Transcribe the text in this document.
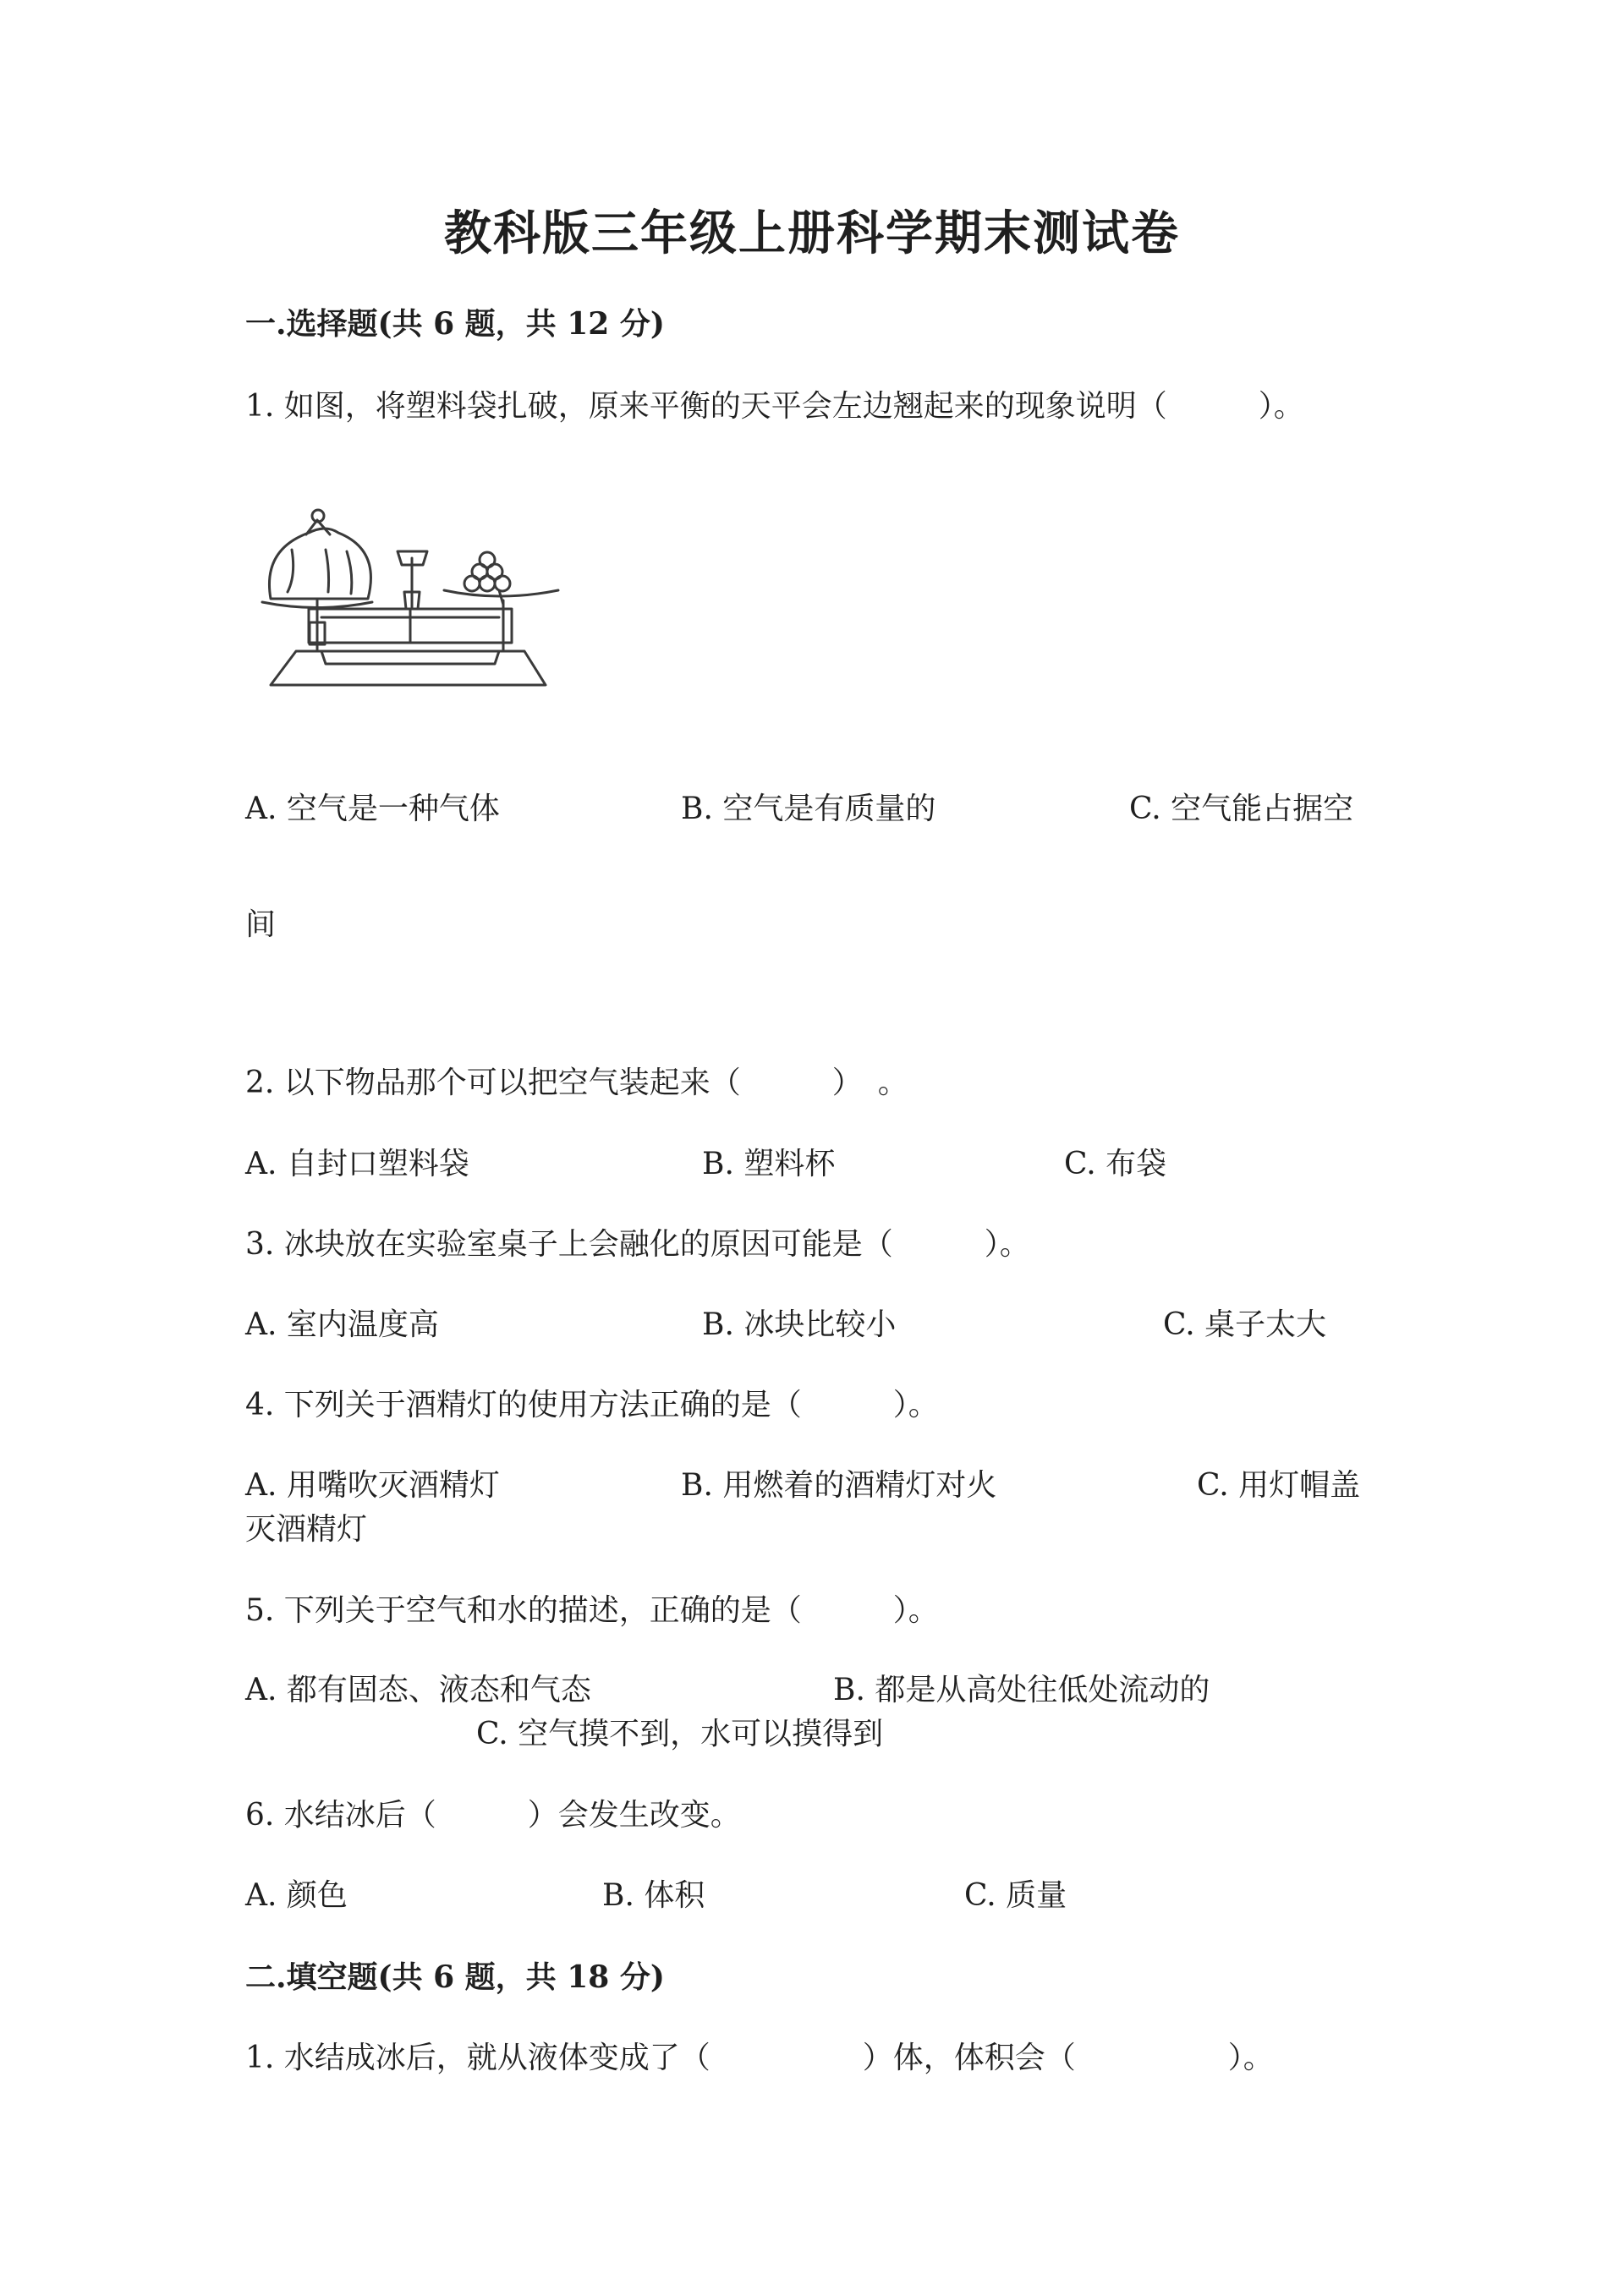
教科版三年级上册科学期末测试卷
一.选择题(共 6 题，共 12 分)
1. 如图，将塑料袋扎破，原来平衡的天平会左边翘起来的现象说明（　　　）。
A. 空气是一种气体	B. 空气是有质量的	C. 空气能占据空
间
2. 以下物品那个可以把空气装起来（　　　）　。
A. 自封口塑料袋	B. 塑料杯	C. 布袋
3. 冰块放在实验室桌子上会融化的原因可能是（　　　）。
A. 室内温度高	B. 冰块比较小	C. 桌子太大
4. 下列关于酒精灯的使用方法正确的是（　　　）。
A. 用嘴吹灭酒精灯	B. 用燃着的酒精灯对火	C. 用灯帽盖
灭酒精灯
5. 下列关于空气和水的描述，正确的是（　　　）。
A. 都有固态、液态和气态	B. 都是从高处往低处流动的
C. 空气摸不到，水可以摸得到
6. 水结冰后（　　　）会发生改变。
A. 颜色	B. 体积	C. 质量
二.填空题(共 6 题，共 18 分)
1. 水结成冰后，就从液体变成了（　　　　　）体，体积会（　　　　　）。
